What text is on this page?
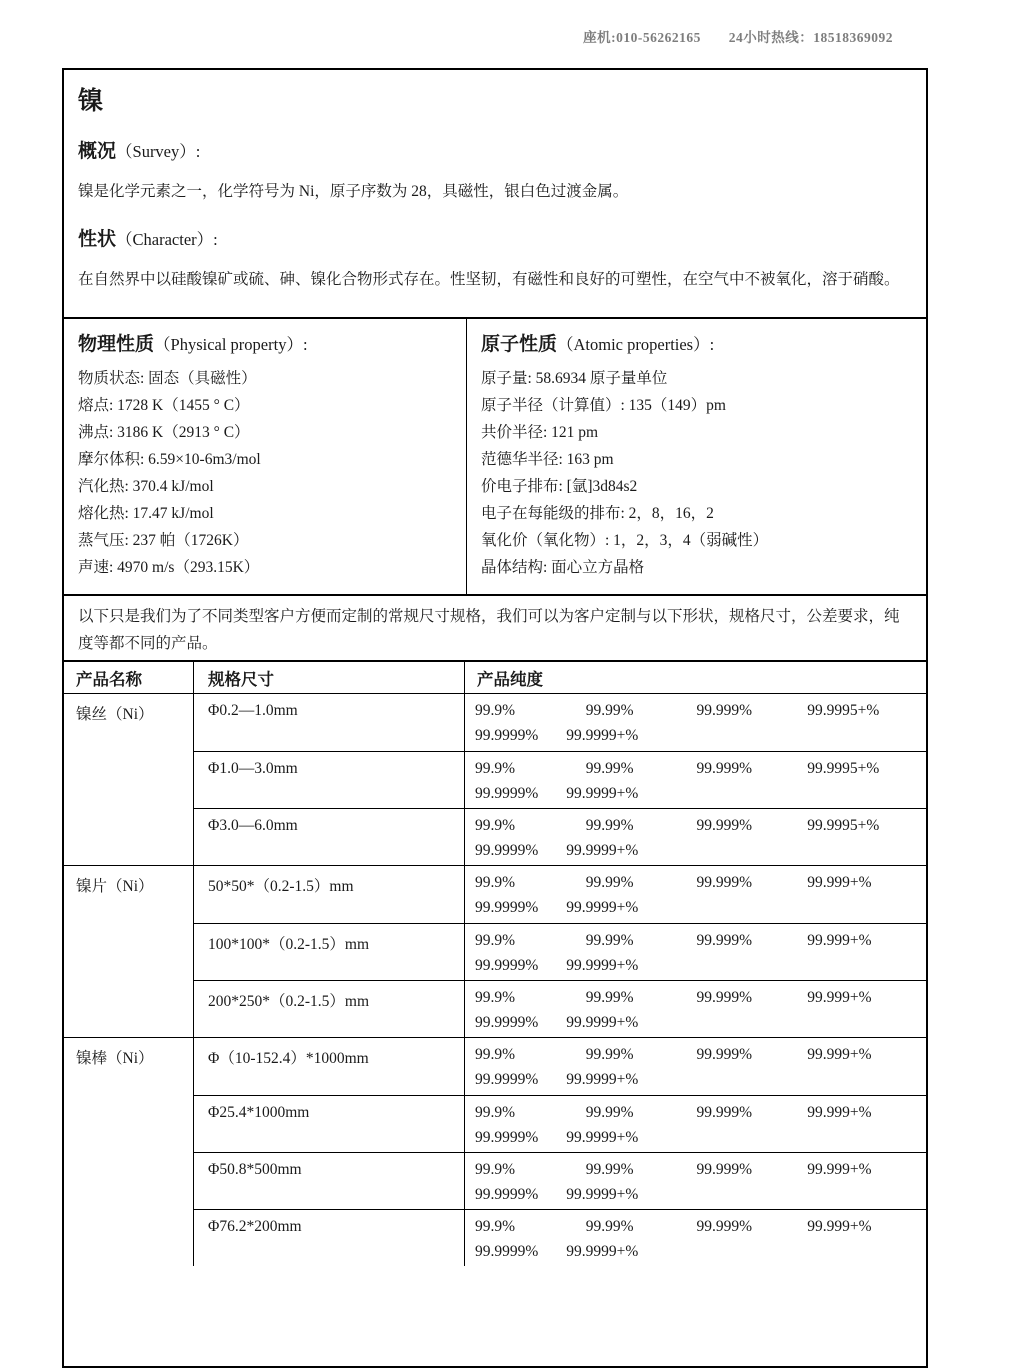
座机:010-56262165 24小时热线：18518369092
镍
概况（Survey）:
镍是化学元素之一，化学符号为 Ni，原子序数为 28，具磁性，银白色过渡金属。
性状（Character）:
在自然界中以硅酸镍矿或硫、砷、镍化合物形式存在。性坚韧，有磁性和良好的可塑性，在空气中不被氧化，溶于硝酸。
物理性质（Physical property）:
物质状态: 固态（具磁性）
熔点: 1728 K（1455 ° C）
沸点: 3186 K（2913 ° C）
摩尔体积: 6.59×10-6m3/mol
汽化热: 370.4 kJ/mol
熔化热: 17.47 kJ/mol
蒸气压: 237 帕（1726K）
声速: 4970 m/s（293.15K）
原子性质（Atomic properties）:
原子量: 58.6934 原子量单位
原子半径（计算值）: 135（149）pm
共价半径: 121 pm
范德华半径: 163 pm
价电子排布: [氩]3d84s2
电子在每能级的排布: 2，8，16，2
氧化价（氧化物）: 1，2，3，4（弱碱性）
晶体结构: 面心立方晶格
以下只是我们为了不同类型客户方便而定制的常规尺寸规格，我们可以为客户定制与以下形状，规格尺寸，公差要求，纯度等都不同的产品。
产品名称	规格尺寸	产品纯度
镍丝（Ni）	Φ0.2—1.0mm	99.9%	99.99%	99.999%	99.9995+%
99.9999% 99.9999+%
Φ1.0—3.0mm	99.9%	99.99%	99.999%	99.9995+%
99.9999% 99.9999+%
Φ3.0—6.0mm	99.9%	99.99%	99.999%	99.9995+%
99.9999% 99.9999+%
镍片（Ni）	50*50*（0.2-1.5）mm	99.9%	99.99%	99.999%	99.999+%
99.9999% 99.9999+%
100*100*（0.2-1.5）mm	99.9%	99.99%	99.999%	99.999+%
99.9999% 99.9999+%
200*250*（0.2-1.5）mm	99.9%	99.99%	99.999%	99.999+%
99.9999% 99.9999+%
镍棒（Ni）	Φ（10-152.4）*1000mm	99.9%	99.99%	99.999%	99.999+%
99.9999% 99.9999+%
Φ25.4*1000mm	99.9%	99.99%	99.999%	99.999+%
99.9999% 99.9999+%
Φ50.8*500mm	99.9%	99.99%	99.999%	99.999+%
99.9999% 99.9999+%
Φ76.2*200mm	99.9%	99.99%	99.999%	99.999+%
99.9999% 99.9999+%
